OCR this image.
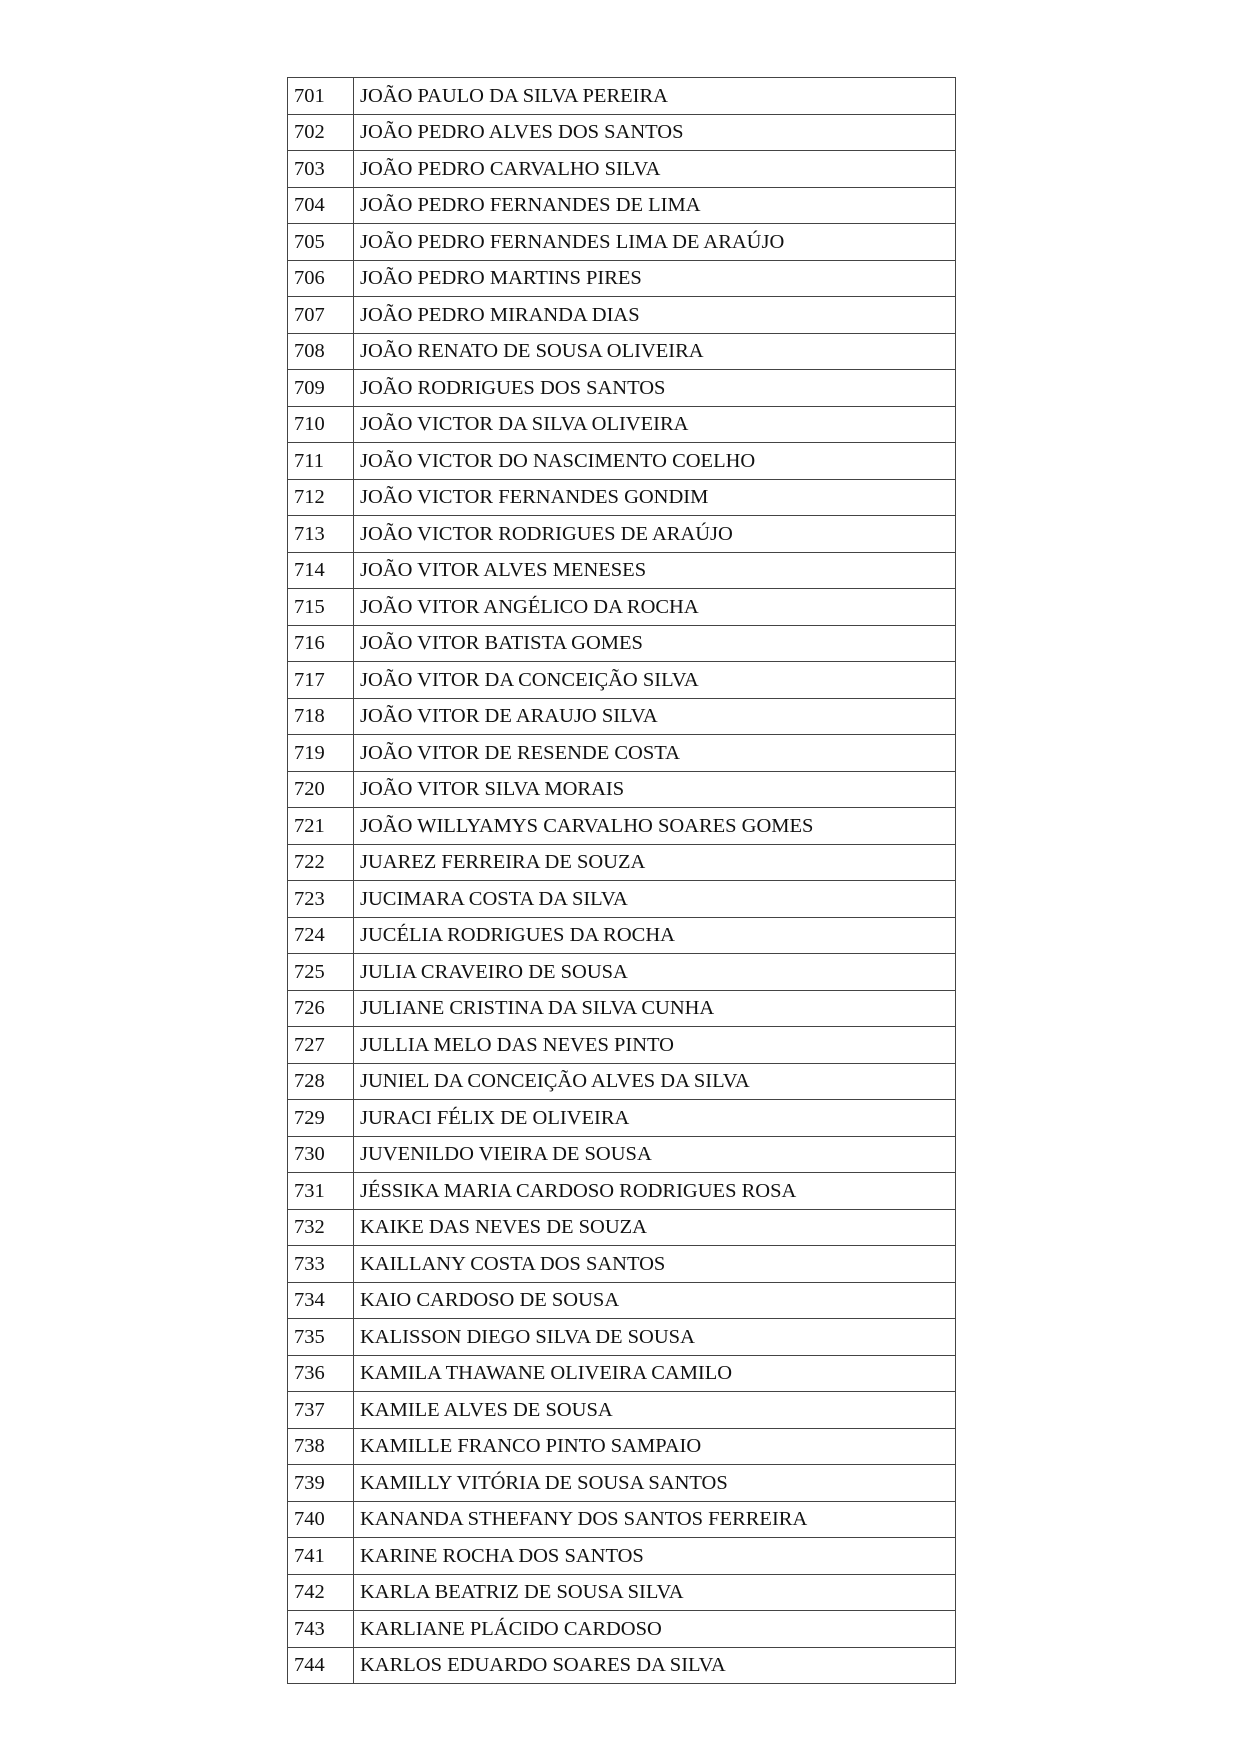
701	JOÃO PAULO DA SILVA PEREIRA
702	JOÃO PEDRO ALVES DOS SANTOS
703	JOÃO PEDRO CARVALHO SILVA
704	JOÃO PEDRO FERNANDES DE LIMA
705	JOÃO PEDRO FERNANDES LIMA DE ARAÚJO
706	JOÃO PEDRO MARTINS PIRES
707	JOÃO PEDRO MIRANDA DIAS
708	JOÃO RENATO DE SOUSA OLIVEIRA
709	JOÃO RODRIGUES DOS SANTOS
710	JOÃO VICTOR DA SILVA OLIVEIRA
711	JOÃO VICTOR DO NASCIMENTO COELHO
712	JOÃO VICTOR FERNANDES GONDIM
713	JOÃO VICTOR RODRIGUES DE ARAÚJO
714	JOÃO VITOR ALVES MENESES
715	JOÃO VITOR ANGÉLICO DA ROCHA
716	JOÃO VITOR BATISTA GOMES
717	JOÃO VITOR DA CONCEIÇÃO SILVA
718	JOÃO VITOR DE ARAUJO SILVA
719	JOÃO VITOR DE RESENDE COSTA
720	JOÃO VITOR SILVA MORAIS
721	JOÃO WILLYAMYS CARVALHO SOARES GOMES
722	JUAREZ FERREIRA DE SOUZA
723	JUCIMARA COSTA DA SILVA
724	JUCÉLIA RODRIGUES DA ROCHA
725	JULIA CRAVEIRO DE SOUSA
726	JULIANE CRISTINA DA SILVA CUNHA
727	JULLIA MELO DAS NEVES PINTO
728	JUNIEL DA CONCEIÇÃO ALVES DA SILVA
729	JURACI FÉLIX DE OLIVEIRA
730	JUVENILDO VIEIRA DE SOUSA
731	JÉSSIKA MARIA CARDOSO RODRIGUES ROSA
732	KAIKE DAS NEVES DE SOUZA
733	KAILLANY COSTA DOS SANTOS
734	KAIO CARDOSO DE SOUSA
735	KALISSON DIEGO SILVA DE SOUSA
736	KAMILA THAWANE OLIVEIRA CAMILO
737	KAMILE ALVES DE SOUSA
738	KAMILLE FRANCO PINTO SAMPAIO
739	KAMILLY VITÓRIA DE SOUSA SANTOS
740	KANANDA STHEFANY DOS SANTOS FERREIRA
741	KARINE ROCHA DOS SANTOS
742	KARLA BEATRIZ DE SOUSA SILVA
743	KARLIANE PLÁCIDO CARDOSO
744	KARLOS EDUARDO SOARES DA SILVA
